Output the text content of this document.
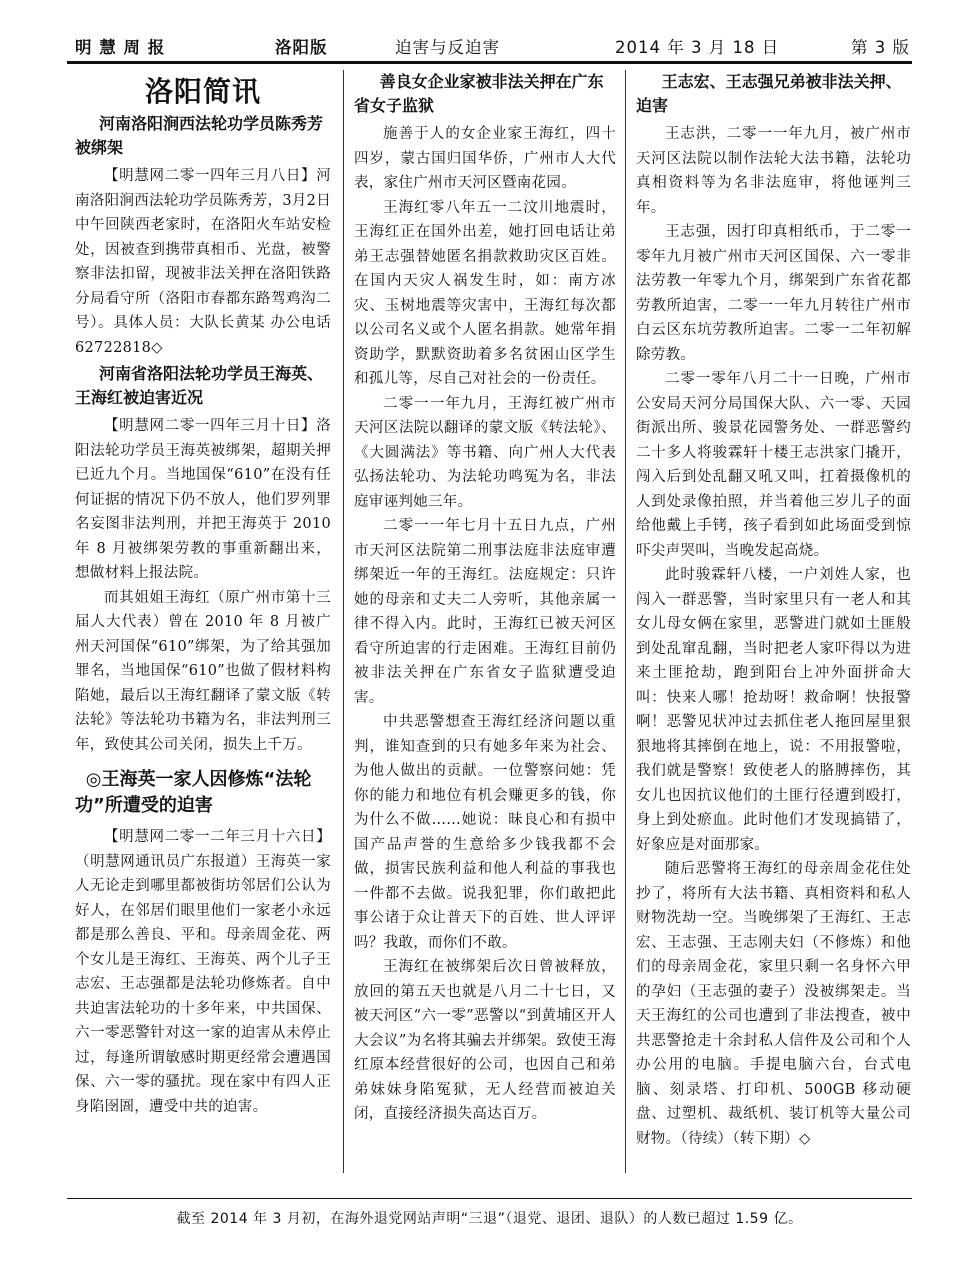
明 慧 周 报	洛阳版	迫害与反迫害	2014 年 3 月 18 日	第 3 版
洛阳简讯
河南洛阳涧西法轮功学员陈秀芳被绑架

【明慧网二零一四年三月八日】河南洛阳涧西法轮功学员陈秀芳，3月2日中午回陕西老家时，在洛阳火车站安检处，因被查到携带真相币、光盘，被警察非法扣留，现被非法关押在洛阳铁路分局看守所（洛阳市春都东路驾鸡沟二号）。具体人员：大队长黄某 办公电话62722818◇

河南省洛阳法轮功学员王海英、王海红被迫害近况

【明慧网二零一四年三月十日】洛阳法轮功学员王海英被绑架，超期关押已近九个月。当地国保“610”在没有任何证据的情况下仍不放人，他们罗列罪名妄图非法判刑，并把王海英于 2010 年 8 月被绑架劳教的事重新翻出来，想做材料上报法院。

而其姐姐王海红（原广州市第十三届人大代表）曾在 2010 年 8 月被广州天河国保“610”绑架，为了给其强加罪名，当地国保“610”也做了假材料构陷她，最后以王海红翻译了蒙文版《转法轮》等法轮功书籍为名，非法判刑三年，致使其公司关闭，损失上千万。

◎王海英一家人因修炼“法轮功”所遭受的迫害

【明慧网二零一二年三月十六日】（明慧网通讯员广东报道）王海英一家人无论走到哪里都被街坊邻居们公认为好人，在邻居们眼里他们一家老小永远都是那么善良、平和。母亲周金花、两个女儿是王海红、王海英、两个儿子王志宏、王志强都是法轮功修炼者。自中共迫害法轮功的十多年来，中共国保、六一零恶警针对这一家的迫害从未停止过，每逢所谓敏感时期更经常会遭遇国保、六一零的骚扰。现在家中有四人正身陷囹圄，遭受中共的迫害。

善良女企业家被非法关押在广东省女子监狱

施善于人的女企业家王海红，四十四岁，蒙古国归国华侨，广州市人大代表，家住广州市天河区暨南花园。

王海红零八年五一二汶川地震时，王海红正在国外出差，她打回电话让弟弟王志强替她匿名捐款救助灾区百姓。在国内天灾人祸发生时，如：南方冰灾、玉树地震等灾害中，王海红每次都以公司名义或个人匿名捐款。她常年捐资助学，默默资助着多名贫困山区学生和孤儿等，尽自己对社会的一份责任。

二零一一年九月，王海红被广州市天河区法院以翻译的蒙文版《转法轮》、《大圆满法》等书籍、向广州人大代表弘扬法轮功、为法轮功鸣冤为名，非法庭审诬判她三年。

二零一一年七月十五日九点，广州市天河区法院第二刑事法庭非法庭审遭绑架近一年的王海红。法庭规定：只许她的母亲和丈夫二人旁听，其他亲属一律不得入内。此时，王海红已被天河区看守所迫害的行走困难。王海红目前仍被非法关押在广东省女子监狱遭受迫害。

中共恶警想查王海红经济问题以重判，谁知查到的只有她多年来为社会、为他人做出的贡献。一位警察问她：凭你的能力和地位有机会赚更多的钱，你为什么不做……她说：昧良心和有损中国产品声誉的生意给多少钱我都不会做，损害民族利益和他人利益的事我也一件都不去做。说我犯罪，你们敢把此事公诸于众让普天下的百姓、世人评评吗？我敢，而你们不敢。

王海红在被绑架后次日曾被释放，放回的第五天也就是八月二十七日，又被天河区“六一零”恶警以“到黄埔区开人大会议”为名将其骗去并绑架。致使王海红原本经营很好的公司，也因自己和弟弟妹妹身陷冤狱，无人经营而被迫关闭，直接经济损失高达百万。

王志宏、王志强兄弟被非法关押、迫害

王志洪，二零一一年九月，被广州市天河区法院以制作法轮大法书籍，法轮功真相资料等为名非法庭审，将他诬判三年。

王志强，因打印真相纸币，于二零一零年九月被广州市天河区国保、六一零非法劳教一年零九个月，绑架到广东省花都劳教所迫害，二零一一年九月转往广州市白云区东坑劳教所迫害。二零一二年初解除劳教。

二零一零年八月二十一日晚，广州市公安局天河分局国保大队、六一零、天园街派出所、骏景花园警务处、一群恶警约二十多人将骏霖轩十楼王志洪家门撬开，闯入后到处乱翻又吼又叫，扛着摄像机的人到处录像拍照，并当着他三岁儿子的面给他戴上手铐，孩子看到如此场面受到惊吓尖声哭叫，当晚发起高烧。

此时骏霖轩八楼，一户刘姓人家，也闯入一群恶警，当时家里只有一老人和其女儿母女俩在家里，恶警进门就如土匪般到处乱窜乱翻，当时把老人家吓得以为进来土匪抢劫，跑到阳台上冲外面拼命大叫：快来人哪！抢劫呀！救命啊！快报警啊！恶警见状冲过去抓住老人拖回屋里狠狠地将其摔倒在地上，说：不用报警啦，我们就是警察！致使老人的胳膊摔伤，其女儿也因抗议他们的土匪行径遭到殴打，身上到处瘀血。此时他们才发现搞错了，好象应是对面那家。

随后恶警将王海红的母亲周金花住处抄了，将所有大法书籍、真相资料和私人财物洗劫一空。当晚绑架了王海红、王志宏、王志强、王志刚夫妇（不修炼）和他们的母亲周金花，家里只剩一名身怀六甲的孕妇（王志强的妻子）没被绑架走。当天王海红的公司也遭到了非法搜查，被中共恶警抢走十余封私人信件及公司和个人办公用的电脑。手提电脑六台，台式电脑、刻录塔、打印机、500GB 移动硬盘、过塑机、裁纸机、装订机等大量公司财物。（待续）（转下期）◇

截至 2014 年 3 月初，在海外退党网站声明“三退”（退党、退团、退队）的人数已超过 1.59 亿。
